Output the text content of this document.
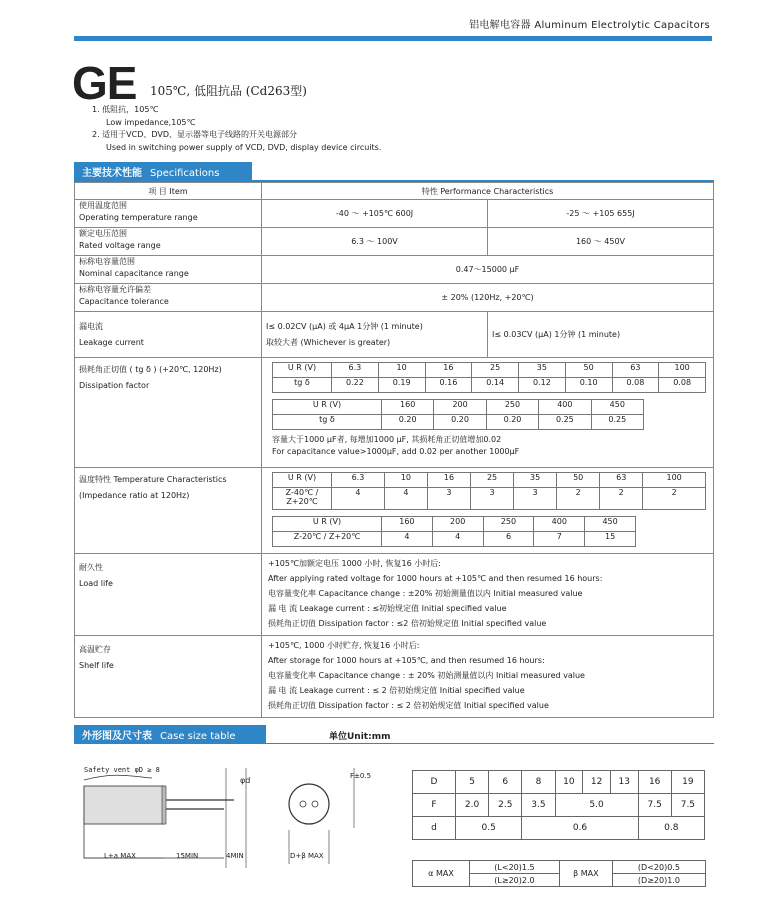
铝电解电容器 Aluminum Electrolytic Capacitors
GE 105℃, 低阻抗品 (Cd263型)
1. 低阻抗，105℃
Low impedance,105℃
2. 适用于VCD、DVD、显示器等电子线路的开关电源部分
Used in switching power supply of VCD, DVD, display device circuits.
主要技术性能 Specifications
项 目 Item	特性 Performance Characteristics

使用温度范围
Operating temperature range	-40 ～ +105℃ 600J	-25 ～ +105 655J

额定电压范围
Rated voltage range	6.3 ～ 100V	160 ～ 450V

标称电容量范围
Nominal capacitance range	0.47～15000 μF

标称电容量允许偏差
Capacitance tolerance	± 20% (120Hz, +20℃)

漏电流
Leakage current

I≤ 0.02CV (μA) 或 4μA 1分钟 (1 minute)
取较大者 (Whichever is greater)
	I≤ 0.03CV (μA) 1分钟 (1 minute)

损耗角正切值 ( tg δ ) (+20℃, 120Hz)
Dissipation factor

U R (V)	6.3	10	16	25	35	50	63	100
tg δ	0.22	0.19	0.16	0.14	0.12	0.10	0.08	0.08
U R (V)	160	200	250	400	450
tg δ	0.20	0.20	0.20	0.25	0.25
容量大于1000 μF者, 每增加1000 μF, 其损耗角正切值增加0.02
For capacitance value>1000μF, add 0.02 per another 1000μF

温度特性 Temperature Characteristics
(Impedance ratio at 120Hz)

U R (V)	6.3	10	16	25	35	50	63	100
Z-40℃ / Z+20℃	4	4	3	3	3	2	2	2
U R (V)	160	200	250	400	450
Z-20℃ / Z+20℃	4	4	6	7	15

耐久性
Load life

+105℃加额定电压 1000 小时, 恢复16 小时后:
After applying rated voltage for 1000 hours at +105℃ and then resumed 16 hours:
电容量变化率 Capacitance change : ±20% 初始测量值以内 Initial measured value
漏 电 流 Leakage current : ≤初始规定值 Initial specified value
损耗角正切值 Dissipation factor : ≤2 倍初始规定值 Initial specified value

高温贮存
Shelf life

+105℃, 1000 小时贮存, 恢复16 小时后:
After storage for 1000 hours at +105℃, and then resumed 16 hours:
电容量变化率 Capacitance change : ± 20% 初始测量值以内 Initial measured value
漏 电 流 Leakage current : ≤ 2 倍初始规定值 Initial specified value
损耗角正切值 Dissipation factor : ≤ 2 倍初始规定值 Initial specified value
外形图及尺寸表 Case size table	单位Unit:mm
Safety vent φD ≥ 8
φd	F±0.5
L+a MAX	15MIN	4MIN	D+β MAX
D	5	6	8	10	12	13	16	19
F	2.0	2.5	3.5	5.0			7.5	7.5
d	0.5		0.6				0.8	
α MAX	(L<20)1.5	β MAX	(D<20)0.5
	(L≥20)2.0		(D≥20)1.0
